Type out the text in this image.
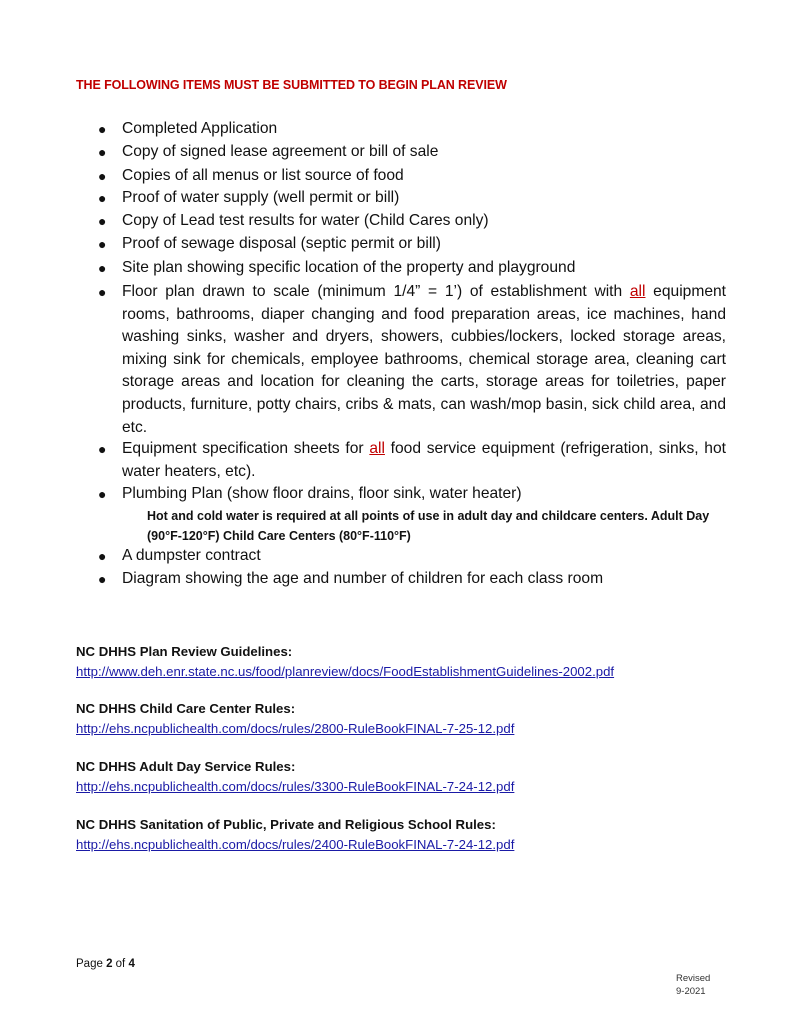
THE FOLLOWING ITEMS MUST BE SUBMITTED TO BEGIN PLAN REVIEW
● Completed Application
● Copy of signed lease agreement or bill of sale
● Copies of all menus or list source of food
● Proof of water supply (well permit or bill)
● Copy of Lead test results for water (Child Cares only)
● Proof of sewage disposal (septic permit or bill)
● Site plan showing specific location of the property and playground
● Floor plan drawn to scale (minimum 1/4” = 1’) of establishment with all equipment rooms, bathrooms, diaper changing and food preparation areas, ice machines, hand washing sinks, washer and dryers, showers, cubbies/lockers, locked storage areas, mixing sink for chemicals, employee bathrooms, chemical storage area, cleaning cart storage areas and location for cleaning the carts, storage areas for toiletries, paper products, furniture, potty chairs, cribs & mats, can wash/mop basin, sick child area, and etc.
● Equipment specification sheets for all food service equipment (refrigeration, sinks, hot water heaters, etc).
● Plumbing Plan (show floor drains, floor sink, water heater)
Hot and cold water is required at all points of use in adult day and childcare centers. Adult Day (90°F-120°F) Child Care Centers (80°F-110°F)
● A dumpster contract
● Diagram showing the age and number of children for each class room
NC DHHS Plan Review Guidelines:
http://www.deh.enr.state.nc.us/food/planreview/docs/FoodEstablishmentGuidelines-2002.pdf
NC DHHS Child Care Center Rules:
http://ehs.ncpublichealth.com/docs/rules/2800-RuleBookFINAL-7-25-12.pdf
NC DHHS Adult Day Service Rules:
http://ehs.ncpublichealth.com/docs/rules/3300-RuleBookFINAL-7-24-12.pdf
NC DHHS Sanitation of Public, Private and Religious School Rules:
http://ehs.ncpublichealth.com/docs/rules/2400-RuleBookFINAL-7-24-12.pdf
Page 2 of 4
Revised
9-2021
